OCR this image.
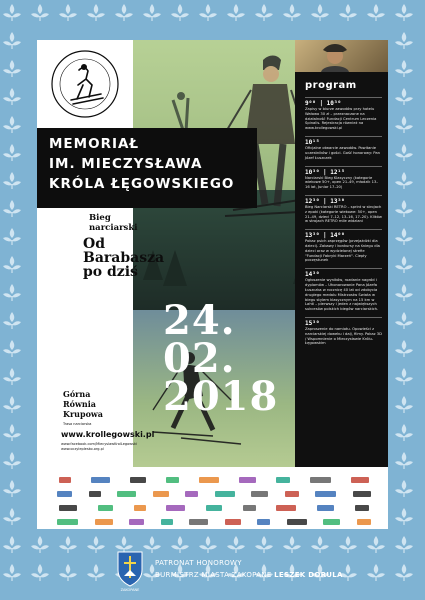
program
9⁰⁰ | 10³⁰
Zapisy w biurze zawodów przy hotelu Wałowo 30 zł – przeznaczone na działalność Fundacji Centrum Leczenia Spinalis. Rejestracja również na www.krollegowski.pl
10¹⁵
Oficjalne otwarcie zawodów. Powitanie uczestników i gości. Gość honorowy: Pan Józef Łuszczek
10³⁰ | 12¹⁵
Narciarski Bieg Klasyczny (kategorie wiekowe 50+, open 21–49, młodzik 13–16 lat, Junior 17–20)
12³⁰ | 13³⁰
Bieg Narciarski RETRO – sprint w strojach z epoki (kategorie wiekowe: 50+, open 21–49, dzieci 7–12, 13–16, 17–20). Klików w strojach RETRO mile widziani
13³⁰ | 14⁰⁰
Pokaz psich zaprzęgów (przejażdżki dla dzieci). Zabawy i konkursy na śniegu dla dzieci oraz w wydzielonej strefie "Fundacji Fabryki Marzeń". Ciepły poczęstunek
14³⁰
Ogłoszenie wyników, rozdanie nagród i dyplomów – Uhonorowanie Pana Józefa Łuszczka w rocznicę 40 lat od zdobycia drugiego medalu Mistrzostw Świata w biegu stylem klasycznym na 15 km w Lahti – pierwszy i jeden z największych sukcesów polskich biegów narciarskich.
15³⁰
Zaproszenie do namiotu. Opowieści z narciarskiej doweku i dalj, filmy. Pokaz 3D / Wspomnienie o Mieczysławie Królu-Łęgowskim
MEMORIAŁ
IM. MIECZYSŁAWA
KRÓLA ŁĘGOWSKIEGO
Bieg
narciarski
Od
Barabasza
po dziś
24.
02.
2018
Górna
Równia
Krupowa
Trasa narciarska
www.krollegowski.pl
www.facebook.com/MiecyslawKrolLegowski
www.oczyleplesko.org.pl
ZAKOPANE
PATRONAT HONOROWY
BURMISTRZ MIASTA ZAKOPANE LESZEK DORULA
